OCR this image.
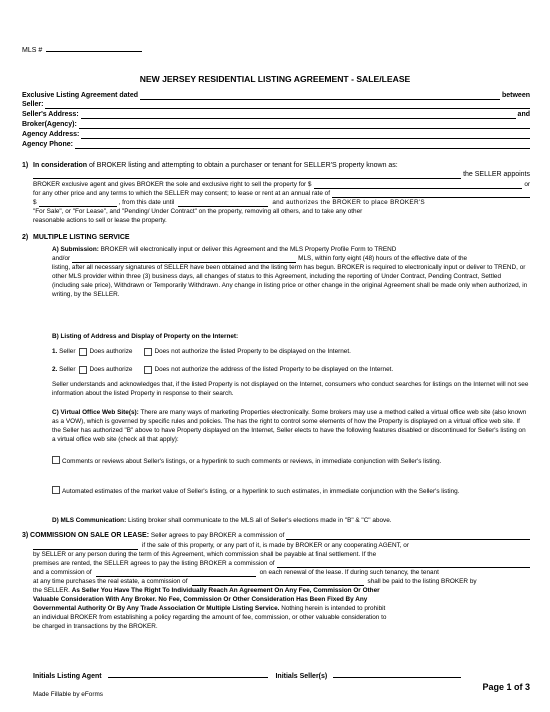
MLS #
NEW JERSEY RESIDENTIAL LISTING AGREEMENT - SALE/LEASE
Exclusive Listing Agreement dated	between
Seller:
Seller's Address:	and
Broker(Agency):
Agency Address:
Agency Phone:
1) In consideration
of BROKER listing and attempting to obtain a purchaser or tenant for SELLER'S property known as:
the SELLER appoints
BROKER exclusive agent and gives BROKER the sole and exclusive right to sell the property for $	or
for any other price and any terms to which the SELLER may consent; to lease or rent at an annual rate of
$	, from this date until	and authorizes the BROKER to place BROKER'S
"For Sale", or "For Lease", and "Pending/ Under Contract" on the property, removing all others, and to take any other
reasonable actions to sell or lease the property.
2) MULTIPLE LISTING SERVICE
A) Submission:
BROKER will electronically input or deliver this Agreement and the MLS Property Profile Form to TREND
and/or	MLS, within forty eight (48) hours of the effective date of the
listing, after all necessary signatures of SELLER have been obtained and the listing term has begun. BROKER is required to electronically input or deliver to TREND, or other MLS provider within three (3) business days, all changes of status to this Agreement, including the reporting of Under Contract, Pending Contract, Settled (including sale price), Withdrawn or Temporarily Withdrawn. Any change in listing price or other change in the original Agreement shall be made only when authorized, in writing, by the SELLER.
B) Listing of Address and Display of Property on the Internet:
1.
Seller Does authorize	Does not authorize the listed Property to be displayed on the Internet.
2.
Seller Does authorize	Does not authorize the address of the listed Property to be displayed on the Internet.
Seller understands and acknowledges that, if the listed Property is not displayed on the Internet, consumers who conduct searches for listings on the Internet will not see information about the listed Property in response to their search.
C) Virtual Office Web Site(s): There are many ways of marketing Properties electronically. Some brokers may use a method called a virtual office web site (also known as a VOW), which is governed by specific rules and policies. The has the right to control some elements of how the Property is displayed on a virtual office web site. If the Seller has authorized "B" above to have Property displayed on the Internet, Seller elects to have the following features disabled or discontinued for Seller's listing on a virtual office web site (check all that apply):
Comments or reviews about Seller's listings, or a hyperlink to such comments or reviews, in immediate conjunction with Seller's listing.
Automated estimates of the market value of Seller's listing, or a hyperlink to such estimates, in immediate conjunction with the Seller's listing.
D) MLS Communication: Listing broker shall communicate to the MLS all of Seller's elections made in "B" & "C" above.
3)
COMMISSION ON SALE OR LEASE:
Seller agrees to pay BROKER a commission of
if the sale of this property, or any part of it, is made by BROKER or any cooperating AGENT, or
by SELLER or any person during the term of this Agreement, which commission shall be payable at final settlement. If the
premises are rented, the SELLER agrees to pay the listing BROKER a commission of
and a commission of	on each renewal of the lease. If during such tenancy, the tenant
at any time purchases the real estate, a commission of	shall be paid to the listing BROKER by
the SELLER. As Seller You Have The Right To Individually Reach An Agreement On Any Fee, Commission Or Other
Valuable Consideration With Any Broker. No Fee, Commission Or Other Consideration Has Been Fixed By Any
Governmental Authority Or By Any Trade Association Or Multiple Listing Service. Nothing herein is intended to prohibit
an individual BROKER from establishing a policy regarding the amount of fee, commission, or other valuable consideration to
be charged in transactions by the BROKER.
Initials Listing Agent	Initials Seller(s)
Page 1 of 3
Made Fillable by eForms
